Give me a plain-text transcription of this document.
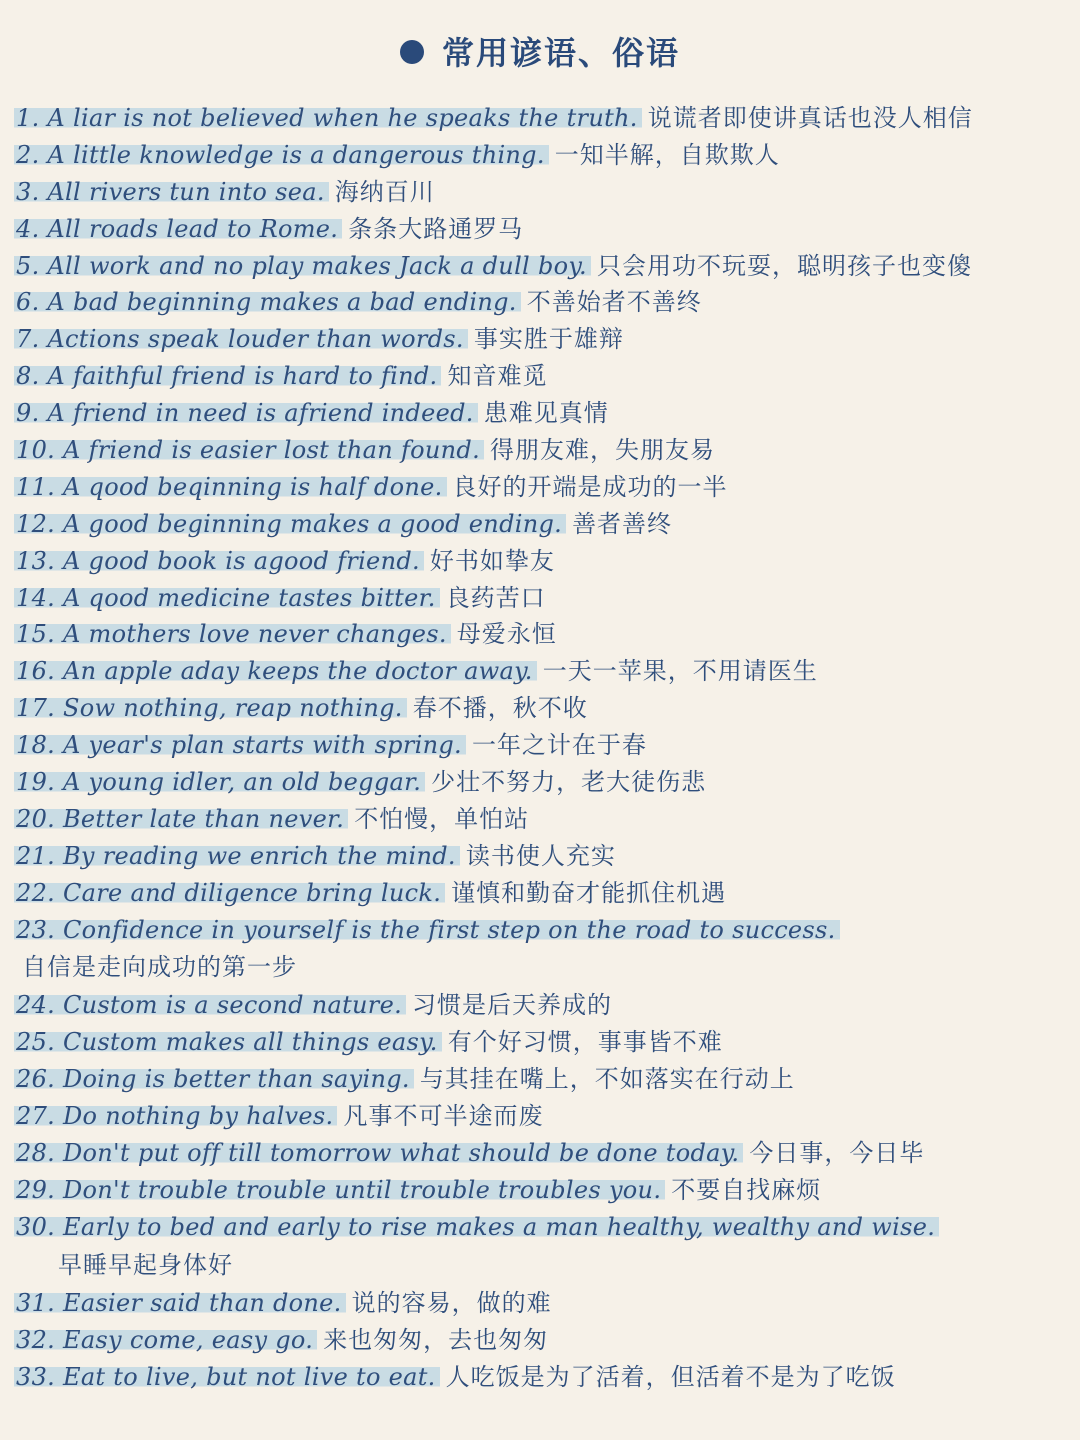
常用谚语、俗语
1. A liar is not believed when he speaks the truth. 说谎者即使讲真话也没人相信
2. A little knowledge is a dangerous thing. 一知半解，自欺欺人
3. All rivers tun into sea. 海纳百川
4. All roads lead to Rome. 条条大路通罗马
5. All work and no play makes Jack a dull boy. 只会用功不玩耍，聪明孩子也变傻
6. A bad beginning makes a bad ending. 不善始者不善终
7. Actions speak louder than words. 事实胜于雄辩
8. A faithful friend is hard to find. 知音难觅
9. A friend in need is afriend indeed. 患难见真情
10. A friend is easier lost than found. 得朋友难，失朋友易
11. A qood beqinning is half done. 良好的开端是成功的一半
12. A good beginning makes a good ending. 善者善终
13. A good book is agood friend. 好书如挚友
14. A qood medicine tastes bitter. 良药苦口
15. A mothers love never changes. 母爱永恒
16. An apple aday keeps the doctor away. 一天一苹果，不用请医生
17. Sow nothing, reap nothing. 春不播，秋不收
18. A year's plan starts with spring. 一年之计在于春
19. A young idler, an old beggar. 少壮不努力，老大徒伤悲
20. Better late than never. 不怕慢，单怕站
21. By reading we enrich the mind. 读书使人充实
22. Care and diligence bring luck. 谨慎和勤奋才能抓住机遇
23. Confidence in yourself is the first step on the road to success.
自信是走向成功的第一步
24. Custom is a second nature. 习惯是后天养成的
25. Custom makes all things easy. 有个好习惯，事事皆不难
26. Doing is better than saying. 与其挂在嘴上，不如落实在行动上
27. Do nothing by halves. 凡事不可半途而废
28. Don't put off till tomorrow what should be done today. 今日事，今日毕
29. Don't trouble trouble until trouble troubles you. 不要自找麻烦
30. Early to bed and early to rise makes a man healthy, wealthy and wise.
早睡早起身体好
31. Easier said than done. 说的容易，做的难
32. Easy come, easy go. 来也匆匆，去也匆匆
33. Eat to live, but not live to eat. 人吃饭是为了活着，但活着不是为了吃饭
